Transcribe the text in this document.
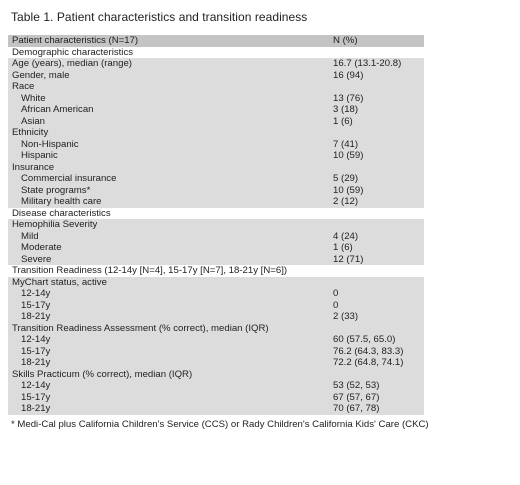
Table 1. Patient characteristics and transition readiness
Patient characteristics (N=17)	N (%)
Demographic characteristics
Age (years), median (range)	16.7 (13.1-20.8)
Gender, male	16 (94)
Race
White	13 (76)
African American	3 (18)
Asian	1 (6)
Ethnicity
Non-Hispanic	7 (41)
Hispanic	10 (59)
Insurance
Commercial insurance	5 (29)
State programs*	10 (59)
Military health care	2 (12)
Disease characteristics
Hemophilia Severity
Mild	4 (24)
Moderate	1 (6)
Severe	12 (71)
Transition Readiness (12-14y [N=4], 15-17y [N=7], 18-21y [N=6])
MyChart status, active
12-14y	0
15-17y	0
18-21y	2 (33)
Transition Readiness Assessment (% correct), median (IQR)
12-14y	60 (57.5, 65.0)
15-17y	76.2 (64.3, 83.3)
18-21y	72.2 (64.8, 74.1)
Skills Practicum (% correct), median (IQR)
12-14y	53 (52, 53)
15-17y	67 (57, 67)
18-21y	70 (67, 78)
* Medi-Cal plus California Children's Service (CCS) or Rady Children's California Kids' Care (CKC)
